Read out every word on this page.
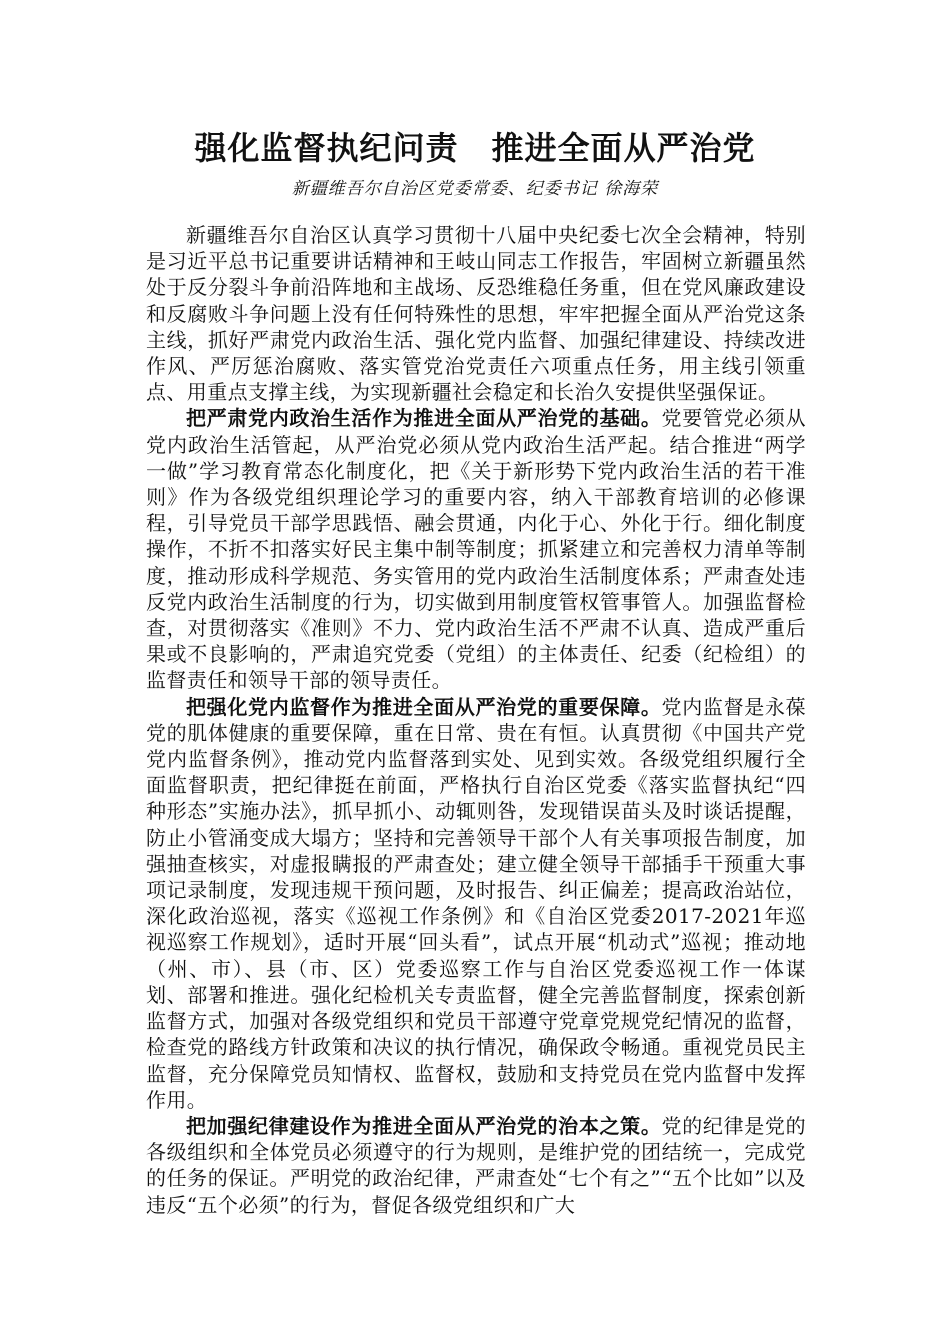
强化监督执纪问责　推进全面从严治党

新疆维吾尔自治区党委常委、纪委书记 徐海荣

新疆维吾尔自治区认真学习贯彻十八届中央纪委七次全会精神，特别是习近平总书记重要讲话精神和王岐山同志工作报告，牢固树立新疆虽然处于反分裂斗争前沿阵地和主战场、反恐维稳任务重，但在党风廉政建设和反腐败斗争问题上没有任何特殊性的思想，牢牢把握全面从严治党这条主线，抓好严肃党内政治生活、强化党内监督、加强纪律建设、持续改进作风、严厉惩治腐败、落实管党治党责任六项重点任务，用主线引领重点、用重点支撑主线，为实现新疆社会稳定和长治久安提供坚强保证。

把严肃党内政治生活作为推进全面从严治党的基础。党要管党必须从党内政治生活管起，从严治党必须从党内政治生活严起。结合推进“两学一做”学习教育常态化制度化，把《关于新形势下党内政治生活的若干准则》作为各级党组织理论学习的重要内容，纳入干部教育培训的必修课程，引导党员干部学思践悟、融会贯通，内化于心、外化于行。细化制度操作，不折不扣落实好民主集中制等制度；抓紧建立和完善权力清单等制度，推动形成科学规范、务实管用的党内政治生活制度体系；严肃查处违反党内政治生活制度的行为，切实做到用制度管权管事管人。加强监督检查，对贯彻落实《准则》不力、党内政治生活不严肃不认真、造成严重后果或不良影响的，严肃追究党委（党组）的主体责任、纪委（纪检组）的监督责任和领导干部的领导责任。

把强化党内监督作为推进全面从严治党的重要保障。党内监督是永葆党的肌体健康的重要保障，重在日常、贵在有恒。认真贯彻《中国共产党党内监督条例》，推动党内监督落到实处、见到实效。各级党组织履行全面监督职责，把纪律挺在前面，严格执行自治区党委《落实监督执纪“四种形态”实施办法》，抓早抓小、动辄则咎，发现错误苗头及时谈话提醒，防止小管涌变成大塌方；坚持和完善领导干部个人有关事项报告制度，加强抽查核实，对虚报瞒报的严肃查处；建立健全领导干部插手干预重大事项记录制度，发现违规干预问题，及时报告、纠正偏差；提高政治站位，深化政治巡视，落实《巡视工作条例》和《自治区党委2017-2021年巡视巡察工作规划》，适时开展“回头看”，试点开展“机动式”巡视；推动地（州、市）、县（市、区）党委巡察工作与自治区党委巡视工作一体谋划、部署和推进。强化纪检机关专责监督，健全完善监督制度，探索创新监督方式，加强对各级党组织和党员干部遵守党章党规党纪情况的监督，检查党的路线方针政策和决议的执行情况，确保政令畅通。重视党员民主监督，充分保障党员知情权、监督权，鼓励和支持党员在党内监督中发挥作用。

把加强纪律建设作为推进全面从严治党的治本之策。党的纪律是党的各级组织和全体党员必须遵守的行为规则，是维护党的团结统一，完成党的任务的保证。严明党的政治纪律，严肃查处“七个有之”“五个比如”以及违反“五个必须”的行为，督促各级党组织和广大
